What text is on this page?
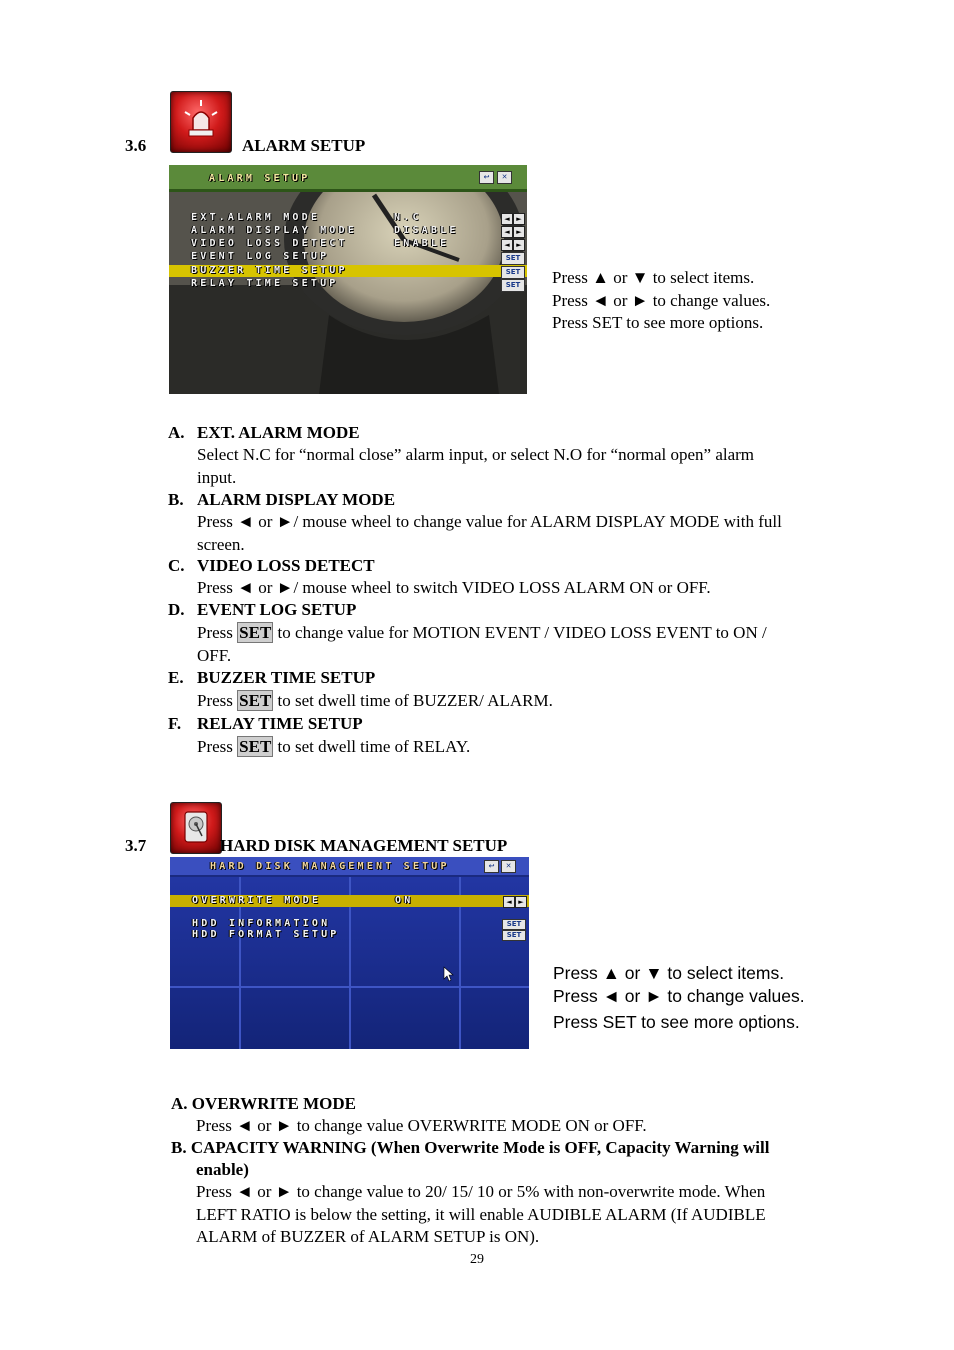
3.6	ALARM SETUP
ALARM SETUP	↩	✕
EXT.ALARM MODE	N.C
ALARM DISPLAY MODE	DISABLE
VIDEO LOSS DETECT	ENABLE
EVENT LOG SETUP
BUZZER TIME SETUP
RELAY TIME SETUP
◄ ►
◄ ►
◄ ►
SET
SET
SET Press ▲ or ▼ to select items.
Press ◄ or ► to change values.
Press SET to see more options.
A. EXT. ALARM MODE
Select N.C for “normal close” alarm input, or select N.O for “normal open” alarm
input.
B. ALARM DISPLAY MODE
Press ◄ or ►/ mouse wheel to change value for ALARM DISPLAY MODE with full
screen.
C. VIDEO LOSS DETECT
Press ◄ or ►/ mouse wheel to switch VIDEO LOSS ALARM ON or OFF.
D. EVENT LOG SETUP
Press SET to change value for MOTION EVENT / VIDEO LOSS EVENT to ON /
OFF.
E. BUZZER TIME SETUP
Press SET to set dwell time of BUZZER/ ALARM.
F. RELAY TIME SETUP
Press SET to set dwell time of RELAY.
3.7	HARD DISK MANAGEMENT SETUP
HARD DISK MANAGEMENT SETUP	↩	✕
OVERWRITE MODE	ON
HDD INFORMATION
HDD FORMAT SETUP
◄ ►
SET
SET
Press ▲ or ▼ to select items.
Press ◄ or ► to change values.
Press SET to see more options.
A. OVERWRITE MODE
Press ◄ or ► to change value OVERWRITE MODE ON or OFF.
B. CAPACITY WARNING (When Overwrite Mode is OFF, Capacity Warning will
enable)
Press ◄ or ► to change value to 20/ 15/ 10 or 5% with non-overwrite mode. When
LEFT RATIO is below the setting, it will enable AUDIBLE ALARM (If AUDIBLE
ALARM of BUZZER of ALARM SETUP is ON).
29
